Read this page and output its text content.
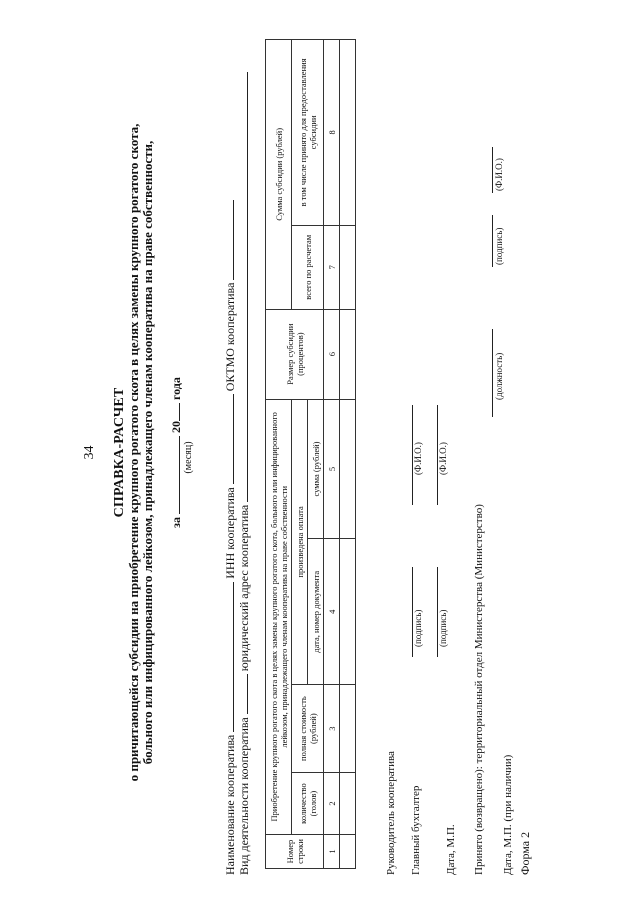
34
Форма 2
СПРАВКА-РАСЧЕТ о причитающейся субсидии на приобретение крупного рогатого скота в целях замены крупного рогатого скота, больного или инфицированного лейкозом, принадлежащего членам кооператива на праве собственности, за  20 года
(месяц)
Наименование кооператива  ИНН кооператива  ОКТМО кооператива
Вид деятельности кооператива  юридический адрес кооператива
Номер строки	Приобретение крупного рогатого скота в целях замены крупного рогатого скота, больного или инфицированного лейкозом, принадлежащего членам кооператива на праве собственности				Размер субсидии (процентов)	Сумма субсидии (рублей)	
	количество (голов)	полная стоимость (рублей)	произведена оплата			всего по расчетам	в том числе принято для предоставления субсидии
			дата, номер документа	сумма (рублей)			
1	2	3	4	5	6	7	8

Руководитель кооператива Главный бухгалтер
(подпись)
(Ф.И.О.)
(подпись)
(Ф.И.О.)
Дата, М.П. Принято (возвращено): территориальный отдел Министерства (Министерство) Дата, М.П. (при наличии)
(должность)
(подпись)
(Ф.И.О.)
